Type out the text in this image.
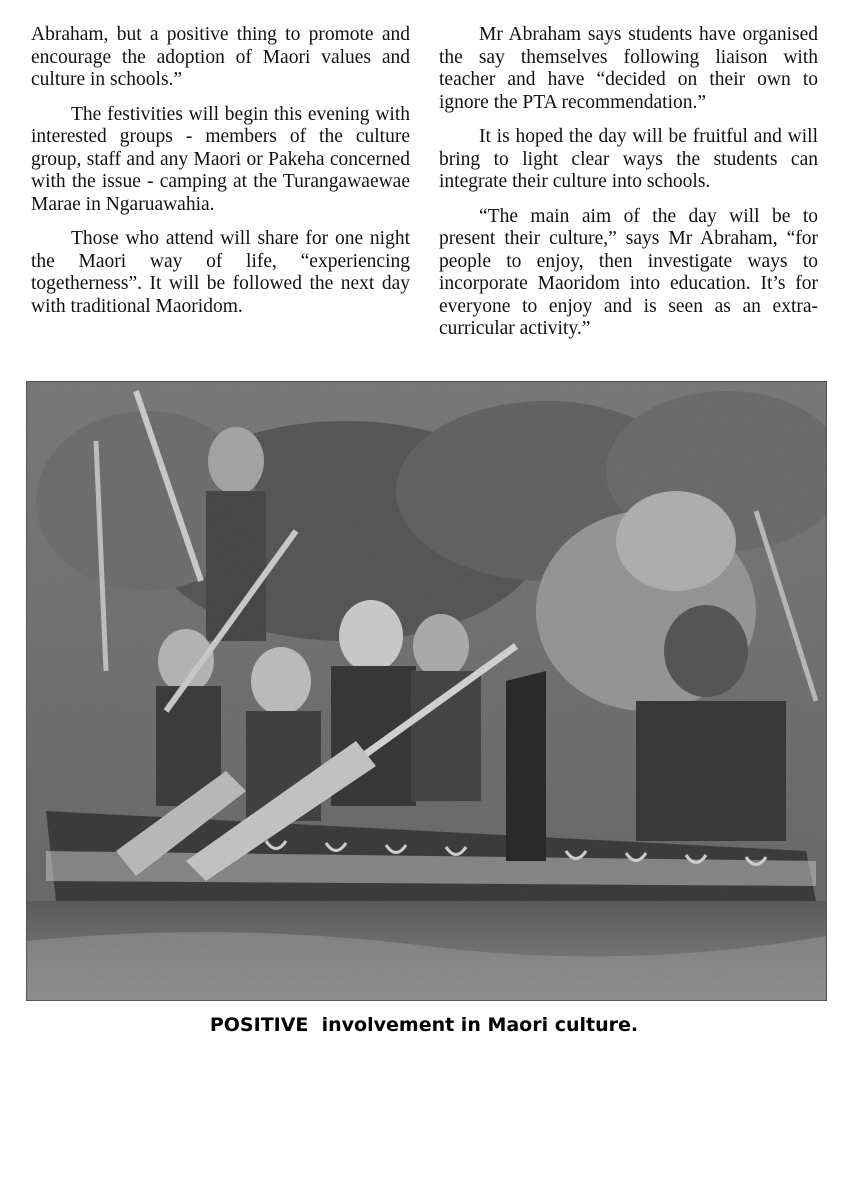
Abraham, but a positive thing to promote and encourage the adoption of Maori values and culture in schools.”

The festivities will begin this evening with interested groups - members of the culture group, staff and any Maori or Pakeha concerned with the issue - camping at the Turangawaewae Marae in Ngaruawahia.

Those who attend will share for one night the Maori way of life, “experiencing togetherness”. It will be followed the next day with traditional Maoridom.

Mr Abraham says students have organised the say themselves following liaison with teacher and have “decided on their own to ignore the PTA recommendation.”

It is hoped the day will be fruitful and will bring to light clear ways the students can integrate their culture into schools.

“The main aim of the day will be to present their culture,” says Mr Abraham, “for people to enjoy, then investigate ways to incorporate Maoridom into education. It’s for everyone to enjoy and is seen as an extra-curricular activity.”

POSITIVE  involvement in Maori culture.
